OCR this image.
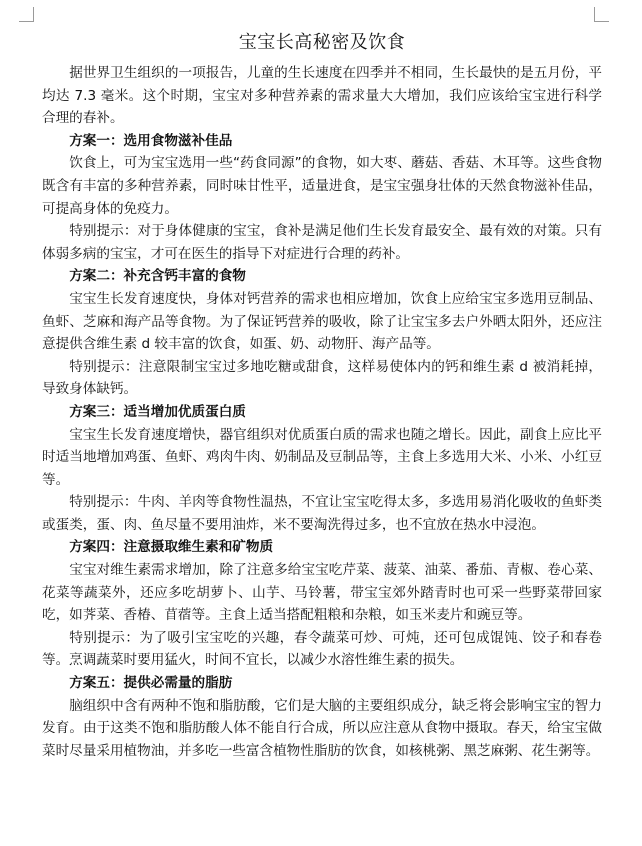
宝宝长高秘密及饮食

据世界卫生组织的一项报告，儿童的生长速度在四季并不相同，生长最快的是五月份，平均达 7.3 毫米。这个时期，宝宝对多种营养素的需求量大大增加，我们应该给宝宝进行科学合理的春补。

方案一：选用食物滋补佳品

饮食上，可为宝宝选用一些“药食同源”的食物，如大枣、蘑菇、香菇、木耳等。这些食物既含有丰富的多种营养素，同时味甘性平，适量进食，是宝宝强身壮体的天然食物滋补佳品，可提高身体的免疫力。

特别提示：对于身体健康的宝宝，食补是满足他们生长发育最安全、最有效的对策。只有体弱多病的宝宝，才可在医生的指导下对症进行合理的药补。

方案二：补充含钙丰富的食物

宝宝生长发育速度快，身体对钙营养的需求也相应增加，饮食上应给宝宝多选用豆制品、鱼虾、芝麻和海产品等食物。为了保证钙营养的吸收，除了让宝宝多去户外晒太阳外，还应注意提供含维生素 d 较丰富的饮食，如蛋、奶、动物肝、海产品等。

特别提示：注意限制宝宝过多地吃糖或甜食，这样易使体内的钙和维生素 d 被消耗掉，导致身体缺钙。

方案三：适当增加优质蛋白质

宝宝生长发育速度增快，器官组织对优质蛋白质的需求也随之增长。因此，副食上应比平时适当地增加鸡蛋、鱼虾、鸡肉牛肉、奶制品及豆制品等，主食上多选用大米、小米、小红豆等。

特别提示：牛肉、羊肉等食物性温热，不宜让宝宝吃得太多，多选用易消化吸收的鱼虾类或蛋类，蛋、肉、鱼尽量不要用油炸，米不要淘洗得过多，也不宜放在热水中浸泡。

方案四：注意摄取维生素和矿物质

宝宝对维生素需求增加，除了注意多给宝宝吃芹菜、菠菜、油菜、番茄、青椒、卷心菜、花菜等蔬菜外，还应多吃胡萝卜、山芋、马铃薯，带宝宝郊外踏青时也可采一些野菜带回家吃，如荠菜、香椿、苜蓿等。主食上适当搭配粗粮和杂粮，如玉米麦片和豌豆等。

特别提示：为了吸引宝宝吃的兴趣，春令蔬菜可炒、可炖，还可包成馄饨、饺子和春卷等。烹调蔬菜时要用猛火，时间不宜长，以减少水溶性维生素的损失。

方案五：提供必需量的脂肪

脑组织中含有两种不饱和脂肪酸，它们是大脑的主要组织成分，缺乏将会影响宝宝的智力发育。由于这类不饱和脂肪酸人体不能自行合成，所以应注意从食物中摄取。春天，给宝宝做菜时尽量采用植物油，并多吃一些富含植物性脂肪的饮食，如核桃粥、黑芝麻粥、花生粥等。
